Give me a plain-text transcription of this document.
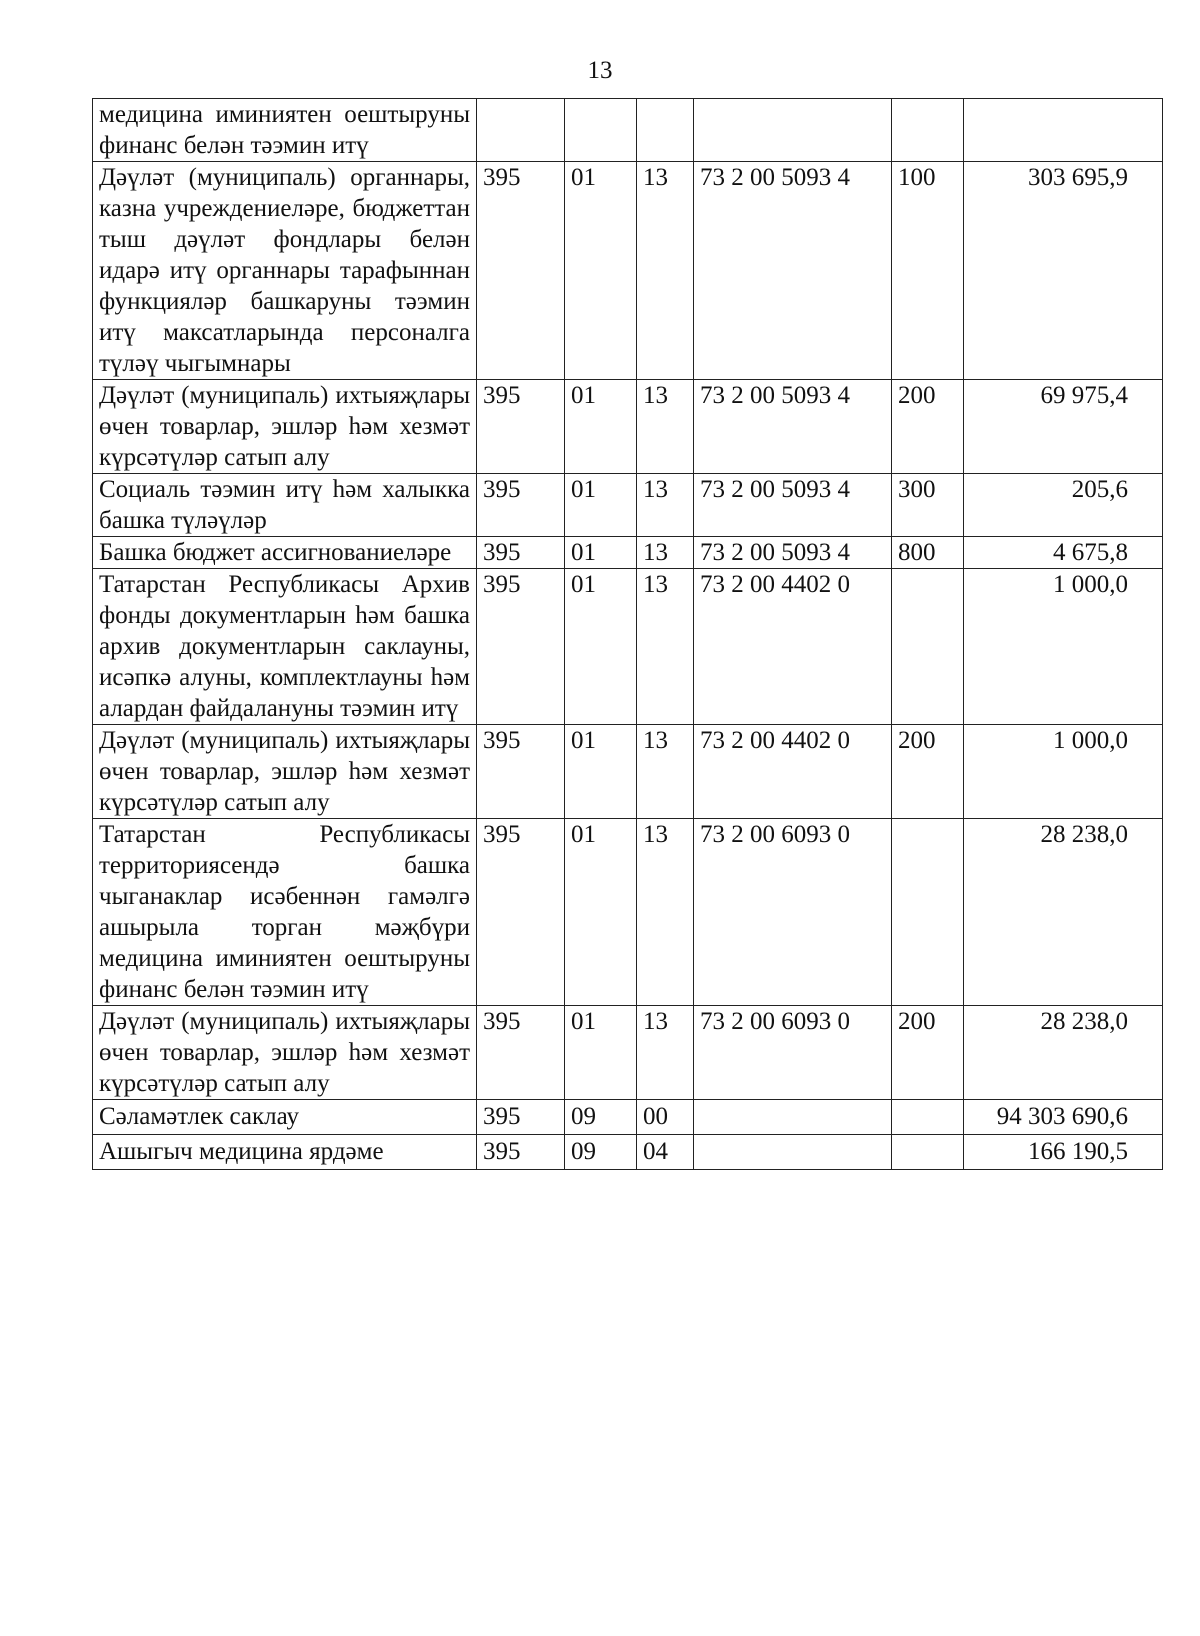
13
медицина иминиятен оештыруны финанс белән тәэмин итү						
Дәүләт (муниципаль) органнары, казна учреждениеләре, бюджеттан тыш дәүләт фондлары белән идарә итү органнары тарафыннан функцияләр башкаруны тәэмин итү максатларында персоналга түләү чыгымнары	395	01	13	73 2 00 5093 4	100	303 695,9
Дәүләт (муниципаль) ихтыяҗлары өчен товарлар, эшләр һәм хезмәт күрсәтүләр сатып алу	395	01	13	73 2 00 5093 4	200	69 975,4
Социаль тәэмин итү һәм халыкка башка түләүләр	395	01	13	73 2 00 5093 4	300	205,6
Башка бюджет ассигнованиеләре	395	01	13	73 2 00 5093 4	800	4 675,8
Татарстан Республикасы Архив фонды документларын һәм башка архив документларын саклауны, исәпкә алуны, комплектлауны һәм алардан файдалануны тәэмин итү	395	01	13	73 2 00 4402 0		1 000,0
Дәүләт (муниципаль) ихтыяҗлары өчен товарлар, эшләр һәм хезмәт күрсәтүләр сатып алу	395	01	13	73 2 00 4402 0	200	1 000,0
Татарстан Республикасы территориясендә башка чыганаклар исәбеннән гамәлгә ашырыла торган мәҗбүри медицина иминиятен оештыруны финанс белән тәэмин итү	395	01	13	73 2 00 6093 0		28 238,0
Дәүләт (муниципаль) ихтыяҗлары өчен товарлар, эшләр һәм хезмәт күрсәтүләр сатып алу	395	01	13	73 2 00 6093 0	200	28 238,0
Сәламәтлек саклау	395	09	00			94 303 690,6
Ашыгыч медицина ярдәме	395	09	04			166 190,5
